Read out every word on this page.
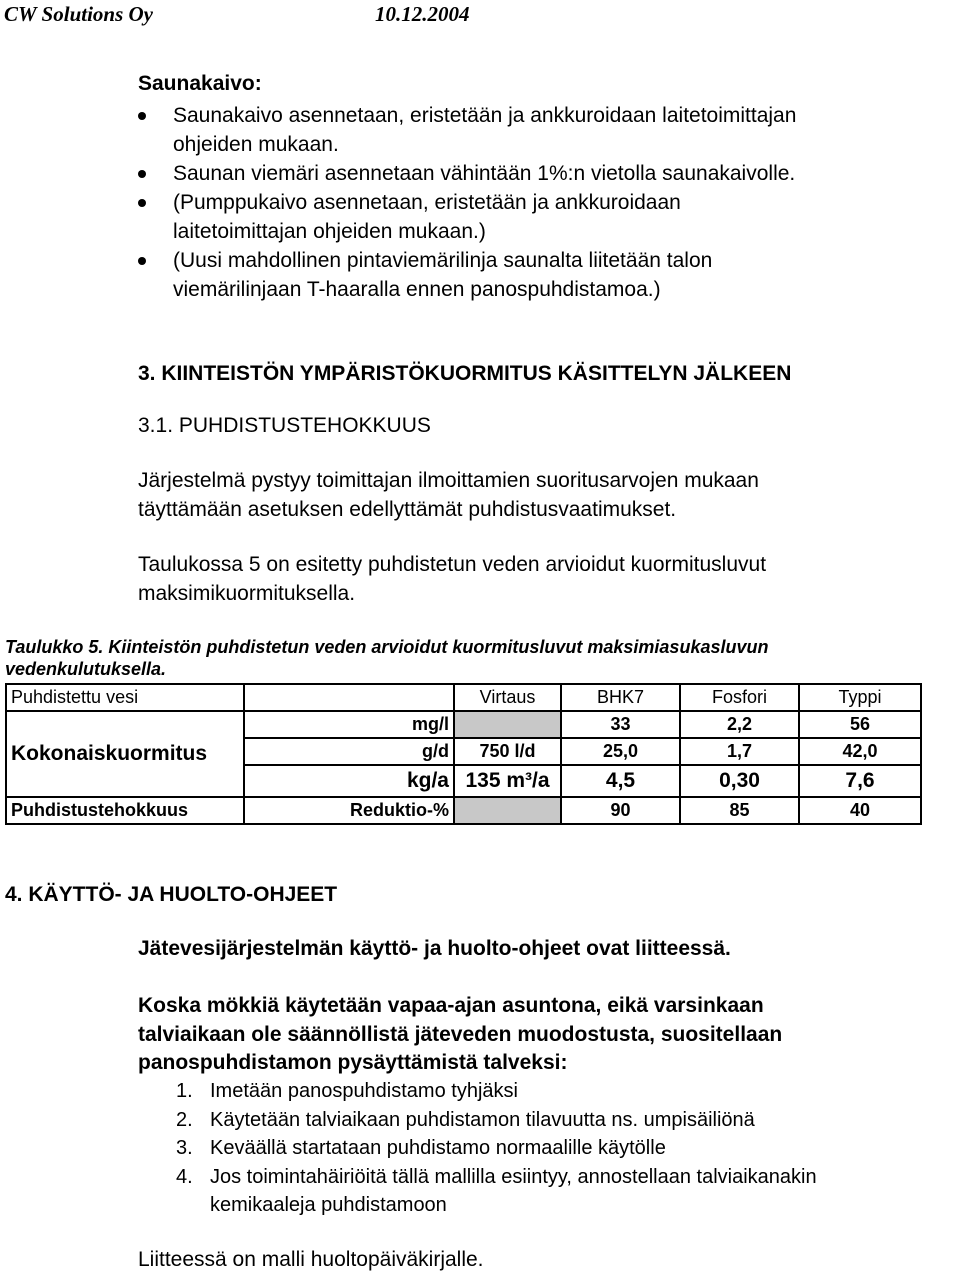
CW Solutions Oy	10.12.2004
Saunakaivo:
Saunakaivo asennetaan, eristetään ja ankkuroidaan laitetoimittajan
ohjeiden mukaan.
Saunan viemäri asennetaan vähintään 1%:n vietolla saunakaivolle.
(Pumppukaivo asennetaan, eristetään ja ankkuroidaan
laitetoimittajan ohjeiden mukaan.)
(Uusi mahdollinen pintaviemärilinja saunalta liitetään talon
viemärilinjaan T-haaralla ennen panospuhdistamoa.)
3. KIINTEISTÖN YMPÄRISTÖKUORMITUS KÄSITTELYN JÄLKEEN
3.1. PUHDISTUSTEHOKKUUS
Järjestelmä pystyy toimittajan ilmoittamien suoritusarvojen mukaan
täyttämään asetuksen edellyttämät puhdistusvaatimukset.
Taulukossa 5 on esitetty puhdistetun veden arvioidut kuormitusluvut
maksimikuormituksella.
Taulukko 5. Kiinteistön puhdistetun veden arvioidut kuormitusluvut maksimiasukasluvun
vedenkulutuksella.
Puhdistettu vesi		Virtaus	BHK7	Fosfori	Typpi
Kokonaiskuormitus	mg/l		33	2,2	56
	g/d	750 l/d	25,0	1,7	42,0
	kg/a	135 m³/a	4,5	0,30	7,6
Puhdistustehokkuus	Reduktio-%		90	85	40
4. KÄYTTÖ- JA HUOLTO-OHJEET
Jätevesijärjestelmän käyttö- ja huolto-ohjeet ovat liitteessä.
Koska mökkiä käytetään vapaa-ajan asuntona, eikä varsinkaan
talviaikaan ole säännöllistä jäteveden muodostusta, suositellaan
panospuhdistamon pysäyttämistä talveksi:
1. Imetään panospuhdistamo tyhjäksi
2. Käytetään talviaikaan puhdistamon tilavuutta ns. umpisäiliönä
3. Keväällä startataan puhdistamo normaalille käytölle
4. Jos toimintahäiriöitä tällä mallilla esiintyy, annostellaan talviaikanakin
kemikaaleja puhdistamoon
Liitteessä on malli huoltopäiväkirjalle.
